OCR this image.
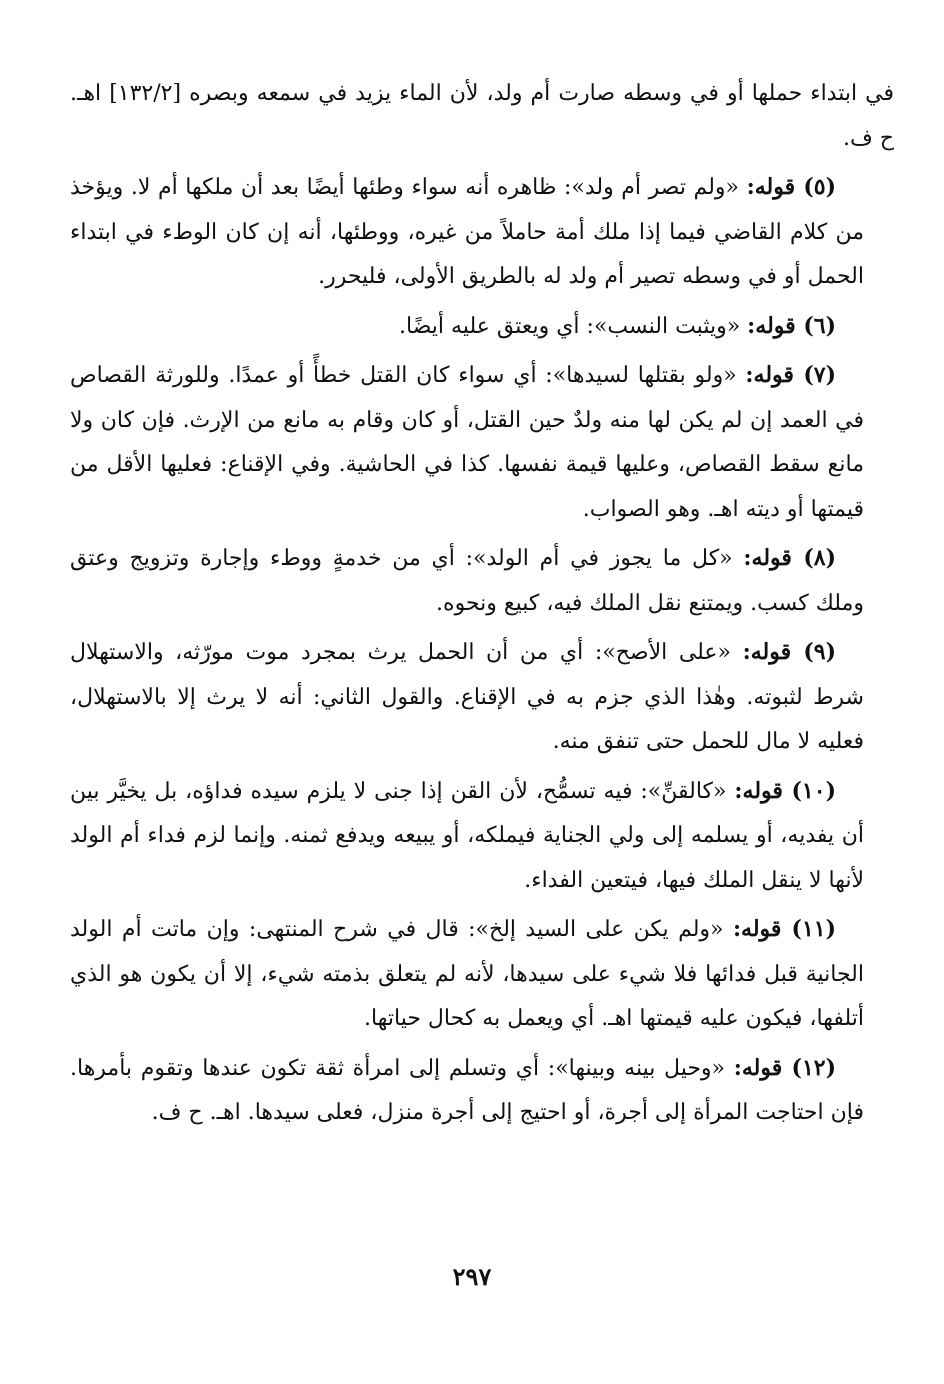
في ابتداء حملها أو في وسطه صارت أم ولد، لأن الماء يزيد في سمعه وبصره [١٣٢/٢] اهـ. ح ف.

(٥) قوله: «ولم تصر أم ولد»: ظاهره أنه سواء وطئها أيضًا بعد أن ملكها أم لا. ويؤخذ من كلام القاضي فيما إذا ملك أمة حاملاً من غيره، ووطئها، أنه إن كان الوطء في ابتداء الحمل أو في وسطه تصير أم ولد له بالطريق الأولى، فليحرر.

(٦) قوله: «ويثبت النسب»: أي ويعتق عليه أيضًا.

(٧) قوله: «ولو بقتلها لسيدها»: أي سواء كان القتل خطأً أو عمدًا. وللورثة القصاص في العمد إن لم يكن لها منه ولدٌ حين القتل، أو كان وقام به مانع من الإرث. فإن كان ولا مانع سقط القصاص، وعليها قيمة نفسها. كذا في الحاشية. وفي الإقناع: فعليها الأقل من قيمتها أو ديته اهـ. وهو الصواب.

(٨) قوله: «كل ما يجوز في أم الولد»: أي من خدمةٍ ووطء وإجارة وتزويج وعتق وملك كسب. ويمتنع نقل الملك فيه، كبيع ونحوه.

(٩) قوله: «على الأصح»: أي من أن الحمل يرث بمجرد موت مورّثه، والاستهلال شرط لثبوته. وهٰذا الذي جزم به في الإقناع. والقول الثاني: أنه لا يرث إلا بالاستهلال، فعليه لا مال للحمل حتى تنفق منه.

(١٠) قوله: «كالقنِّ»: فيه تسمُّح، لأن القن إذا جنى لا يلزم سيده فداؤه، بل يخيَّر بين أن يفديه، أو يسلمه إلى ولي الجناية فيملكه، أو يبيعه ويدفع ثمنه. وإنما لزم فداء أم الولد لأنها لا ينقل الملك فيها، فيتعين الفداء.

(١١) قوله: «ولم يكن على السيد إلخ»: قال في شرح المنتهى: وإن ماتت أم الولد الجانية قبل فدائها فلا شيء على سيدها، لأنه لم يتعلق بذمته شيء، إلا أن يكون هو الذي أتلفها، فيكون عليه قيمتها اهـ. أي ويعمل به كحال حياتها.

(١٢) قوله: «وحيل بينه وبينها»: أي وتسلم إلى امرأة ثقة تكون عندها وتقوم بأمرها. فإن احتاجت المرأة إلى أجرة، أو احتيج إلى أجرة منزل، فعلى سيدها. اهـ. ح ف.

٢٩٧
